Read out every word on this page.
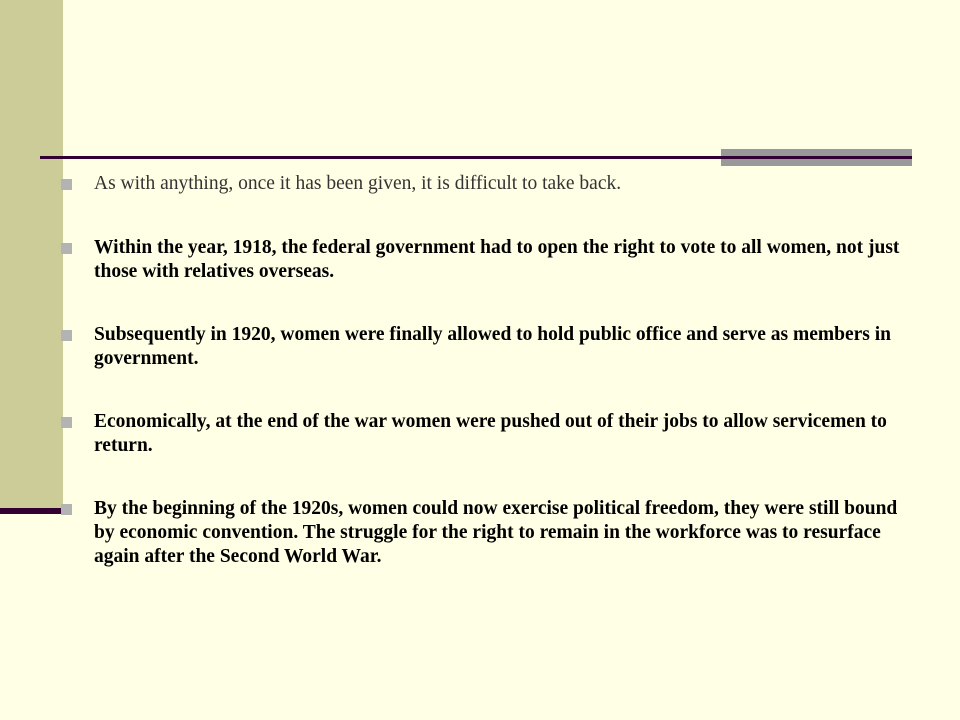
As with anything, once it has been given, it is difficult to take back.
Within the year, 1918, the federal government had to open the right to vote to all women, not just those with relatives overseas.
Subsequently in 1920, women were finally allowed to hold public office and serve as members in government.
Economically, at the end of the war women were pushed out of their jobs to allow servicemen to return.
By the beginning of the 1920s, women could now exercise political freedom, they were still bound by economic convention. The struggle for the right to remain in the workforce was to resurface again after the Second World War.
